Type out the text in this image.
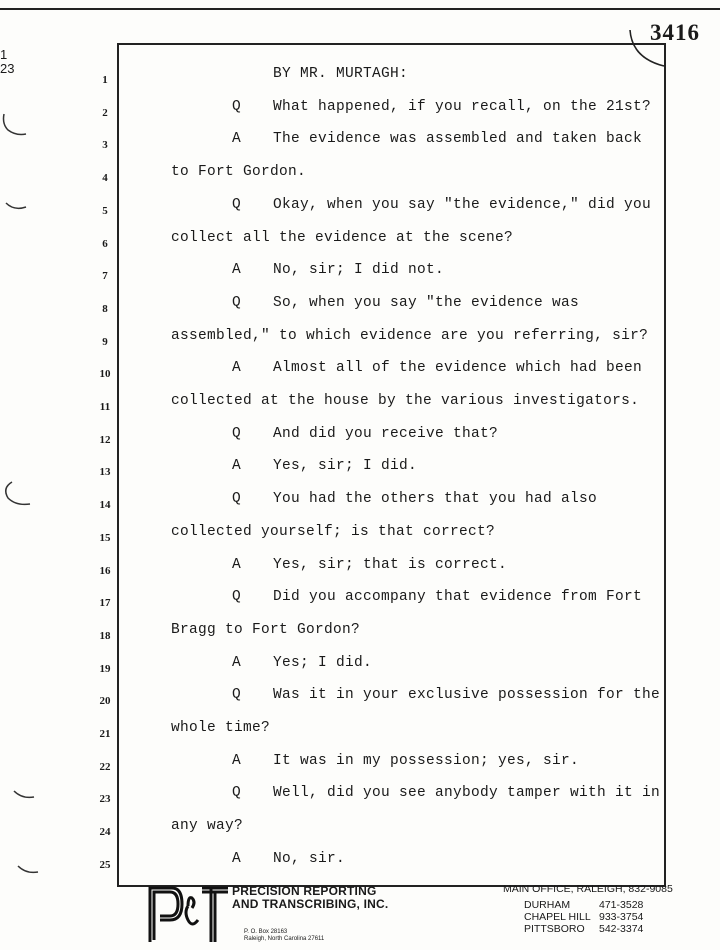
1
23
3416
1	BY MR. MURTAGH:
2	Q What happened, if you recall, on the 21st?
3	A The evidence was assembled and taken back
4	to Fort Gordon.
5	Q Okay, when you say "the evidence," did you
6	collect all the evidence at the scene?
7	A No, sir; I did not.
8	Q So, when you say "the evidence was
9	assembled," to which evidence are you referring, sir?
10	A Almost all of the evidence which had been
11	collected at the house by the various investigators.
12	Q And did you receive that?
13	A Yes, sir; I did.
14	Q You had the others that you had also
15	collected yourself; is that correct?
16	A Yes, sir; that is correct.
17	Q Did you accompany that evidence from Fort
18	Bragg to Fort Gordon?
19	A Yes; I did.
20	Q Was it in your exclusive possession for the
21	whole time?
22	A It was in my possession; yes, sir.
23	Q Well, did you see anybody tamper with it in
24	any way?
25	A No, sir.
PRECISION REPORTING
AND TRANSCRIBING, INC.
P. O. Box 28163
Raleigh, North Carolina 27611
MAIN OFFICE, RALEIGH, 832-9085
DURHAM	471-3528
CHAPEL HILL 933-3754
PITTSBORO 542-3374
